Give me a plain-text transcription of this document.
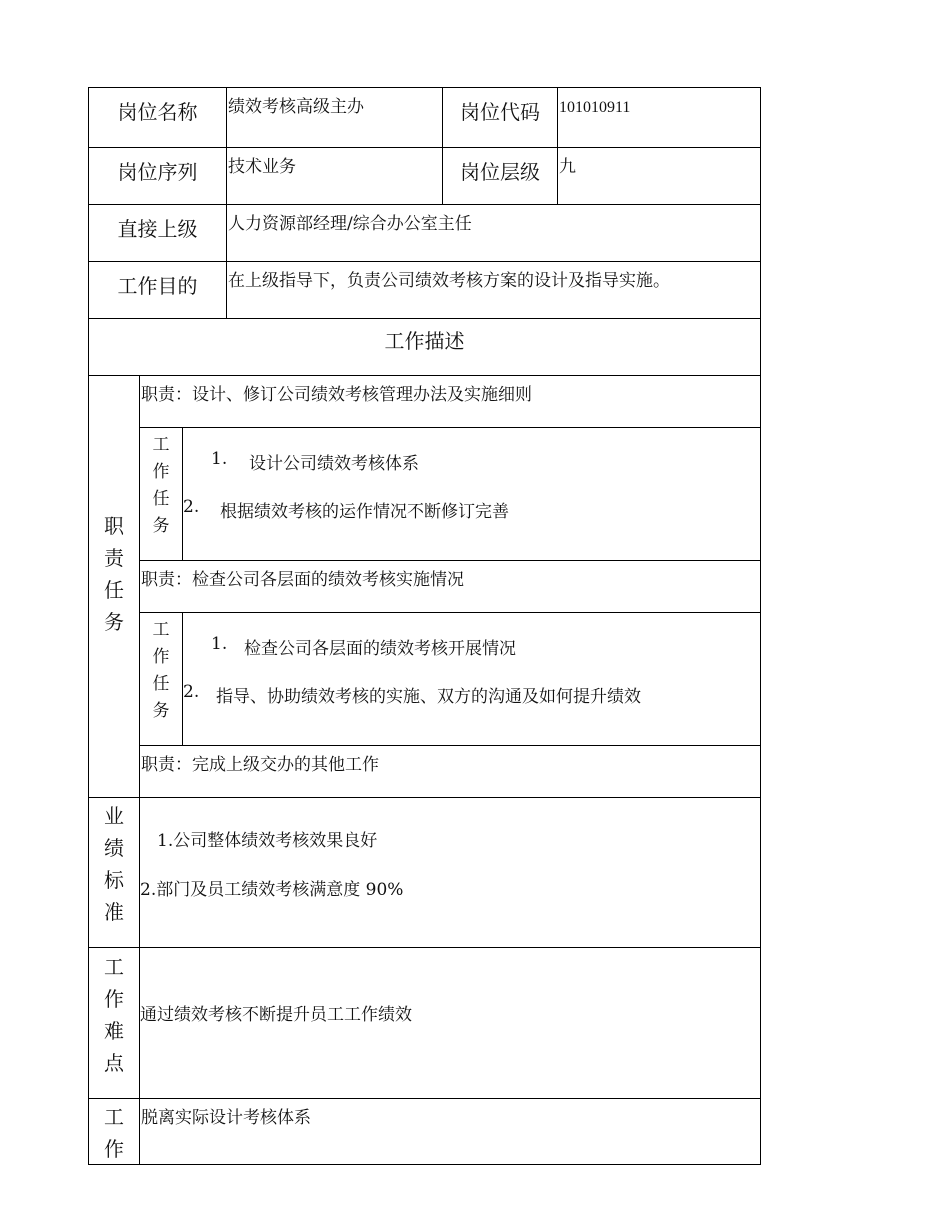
岗位名称 绩效考核高级主办	岗位代码 101010911
岗位序列 技术业务	岗位层级 九
直接上级 人力资源部经理/综合办公室主任
工作目的 在上级指导下，负责公司绩效考核方案的设计及指导实施。
工作描述
职责任务
职责：设计、修订公司绩效考核管理办法及实施细则
工作任务
1. 设计公司绩效考核体系
2. 根据绩效考核的运作情况不断修订完善
职责：检查公司各层面的绩效考核实施情况
工作任务
1. 检查公司各层面的绩效考核开展情况
2. 指导、协助绩效考核的实施、双方的沟通及如何提升绩效
职责：完成上级交办的其他工作
业绩标准
1.公司整体绩效考核效果良好
2.部门及员工绩效考核满意度 90%
工作难点
通过绩效考核不断提升员工工作绩效
工作
脱离实际设计考核体系
